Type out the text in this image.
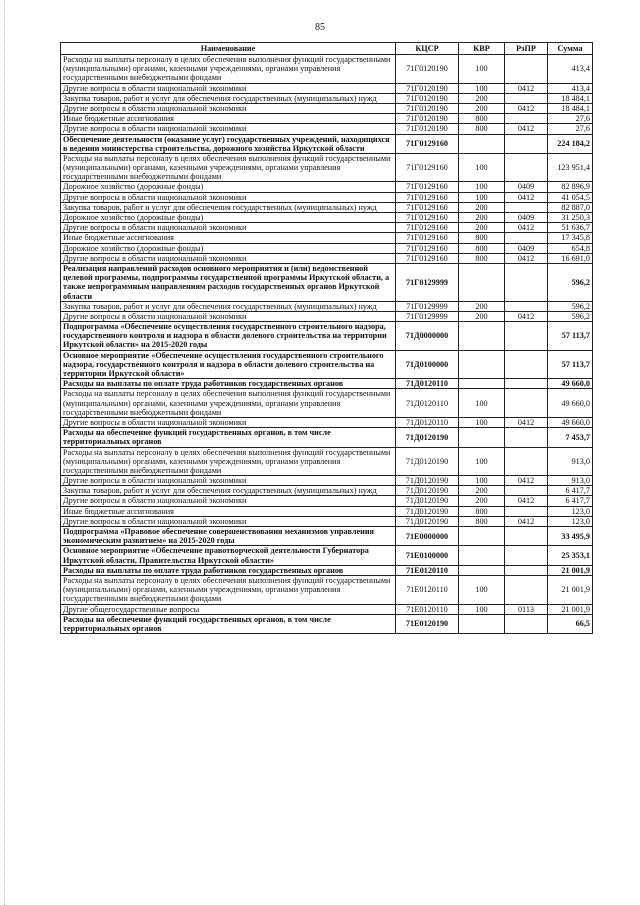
85
Наименование	КЦСР	КВР	РзПР	Сумма
Расходы на выплаты персоналу в целях обеспечения выполнения функций государственными (муниципальными) органами, казенными учреждениями, органами управления государственными внебюджетными фондами	71Г0120190	100		413,4
Другие вопросы в области национальной экономики	71Г0120190	100	0412	413,4
Закупка товаров, работ и услуг для обеспечения государственных (муниципальных) нужд	71Г0120190	200		18 484,1
Другие вопросы в области национальной экономики	71Г0120190	200	0412	18 484,1
Иные бюджетные ассигнования	71Г0120190	800		27,6
Другие вопросы в области национальной экономики	71Г0120190	800	0412	27,6
Обеспечение деятельности (оказание услуг) государственных учреждений, находящихся в ведении министерства строительства, дорожного хозяйства Иркутской области	71Г0129160			224 184,2
Расходы на выплаты персоналу в целях обеспечения выполнения функций государственными (муниципальными) органами, казенными учреждениями, органами управления государственными внебюджетными фондами	71Г0129160	100		123 951,4
Дорожное хозяйство (дорожные фонды)	71Г0129160	100	0409	82 896,9
Другие вопросы в области национальной экономики	71Г0129160	100	0412	41 054,5
Закупка товаров, работ и услуг для обеспечения государственных (муниципальных) нужд	71Г0129160	200		82 887,0
Дорожное хозяйство (дорожные фонды)	71Г0129160	200	0409	31 250,3
Другие вопросы в области национальной экономики	71Г0129160	200	0412	51 636,7
Иные бюджетные ассигнования	71Г0129160	800		17 345,8
Дорожное хозяйство (дорожные фонды)	71Г0129160	800	0409	654,8
Другие вопросы в области национальной экономики	71Г0129160	800	0412	16 691,0
Реализация направлений расходов основного мероприятия и (или) ведомственной целевой программы, подпрограммы государственной программы Иркутской области, а также непрограммным направлениям расходов государственных органов Иркутской области	71Г0129999			596,2
Закупка товаров, работ и услуг для обеспечения государственных (муниципальных) нужд	71Г0129999	200		596,2
Другие вопросы в области национальной экономики	71Г0129999	200	0412	596,2
Подпрограмма «Обеспечение осуществления государственного строительного надзора, государственного контроля и надзора в области долевого строительства на территории Иркутской области» на 2015-2020 годы	71Д0000000			57 113,7
Основное мероприятие «Обеспечение осуществления государственного строительного надзора, государственного контроля и надзора в области долевого строительства на территории Иркутской области»	71Д0100000			57 113,7
Расходы на выплаты по оплате труда работников государственных органов	71Д0120110			49 660,0
Расходы на выплаты персоналу в целях обеспечения выполнения функций государственными (муниципальными) органами, казенными учреждениями, органами управления государственными внебюджетными фондами	71Д0120110	100		49 660,0
Другие вопросы в области национальной экономики	71Д0120110	100	0412	49 660,0
Расходы на обеспечение функций государственных органов, в том числе территориальных органов	71Д0120190			7 453,7
Расходы на выплаты персоналу в целях обеспечения выполнения функций государственными (муниципальными) органами, казенными учреждениями, органами управления государственными внебюджетными фондами	71Д0120190	100		913,0
Другие вопросы в области национальной экономики	71Д0120190	100	0412	913,0
Закупка товаров, работ и услуг для обеспечения государственных (муниципальных) нужд	71Д0120190	200		6 417,7
Другие вопросы в области национальной экономики	71Д0120190	200	0412	6 417,7
Иные бюджетные ассигнования	71Д0120190	800		123,0
Другие вопросы в области национальной экономики	71Д0120190	800	0412	123,0
Подпрограмма «Правовое обеспечение совершенствования механизмов управления экономическим развитием» на 2015-2020 годы	71Е0000000			33 495,9
Основное мероприятие «Обеспечение правотворческой деятельности Губернатора Иркутской области, Правительства Иркутской области»	71Е0100000			25 353,1
Расходы на выплаты по оплате труда работников государственных органов	71Е0120110			21 001,9
Расходы на выплаты персоналу в целях обеспечения выполнения функций государственными (муниципальными) органами, казенными учреждениями, органами управления государственными внебюджетными фондами	71Е0120110	100		21 001,9
Другие общегосударственные вопросы	71Е0120110	100	0113	21 001,9
Расходы на обеспечение функций государственных органов, в том числе территориальных органов	71Е0120190			66,5
